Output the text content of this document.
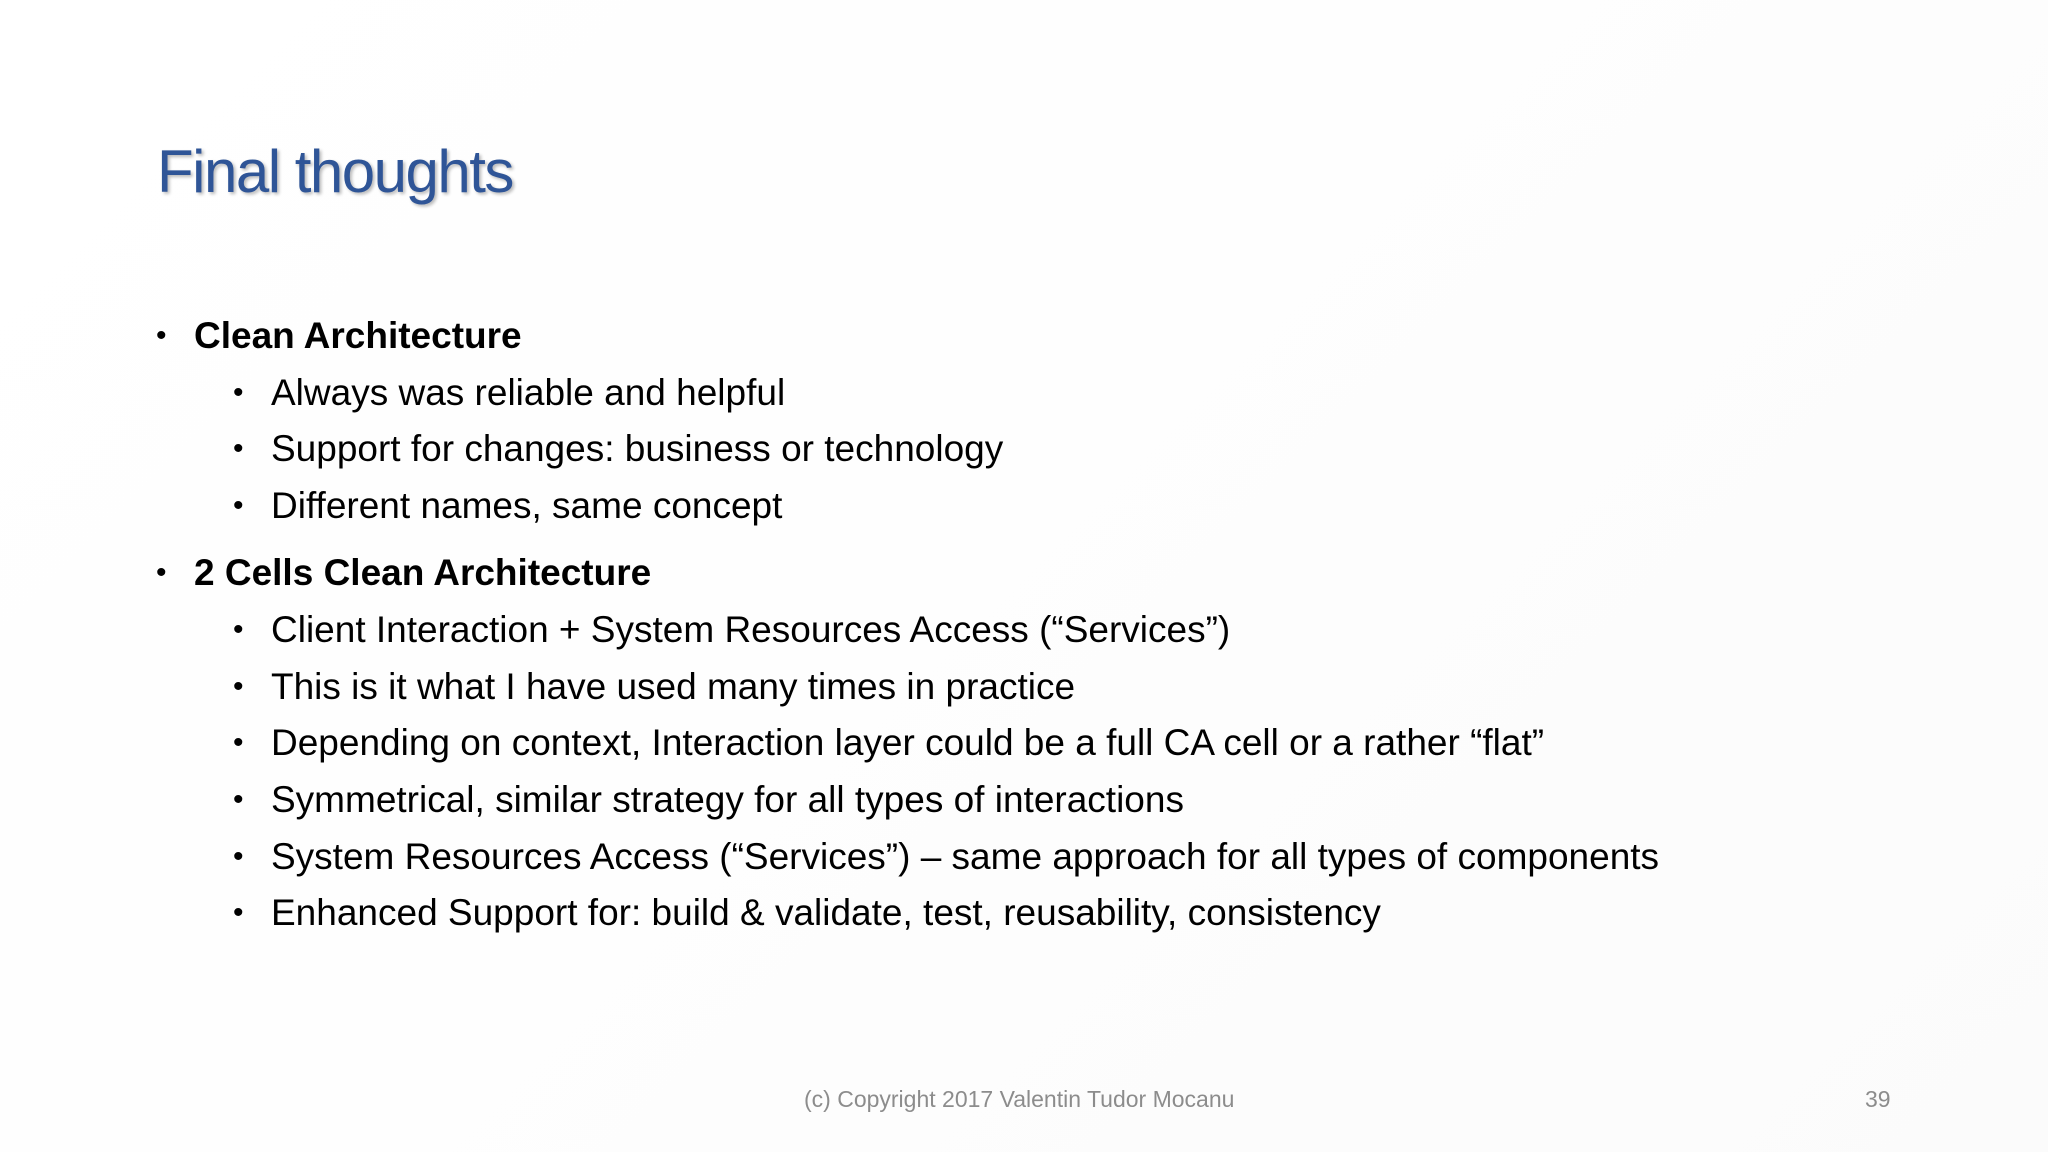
Final thoughts
• Clean Architecture
• Always was reliable and helpful
• Support for changes: business or technology
• Different names, same concept
• 2 Cells Clean Architecture
• Client Interaction + System Resources Access (“Services”)
• This is it what I have used many times in practice
• Depending on context, Interaction layer could be a full CA cell or a rather “flat”
• Symmetrical, similar strategy for all types of interactions
• System Resources Access (“Services”) – same approach for all types of components
• Enhanced Support for: build & validate, test, reusability, consistency
(c) Copyright 2017 Valentin Tudor Mocanu	39
